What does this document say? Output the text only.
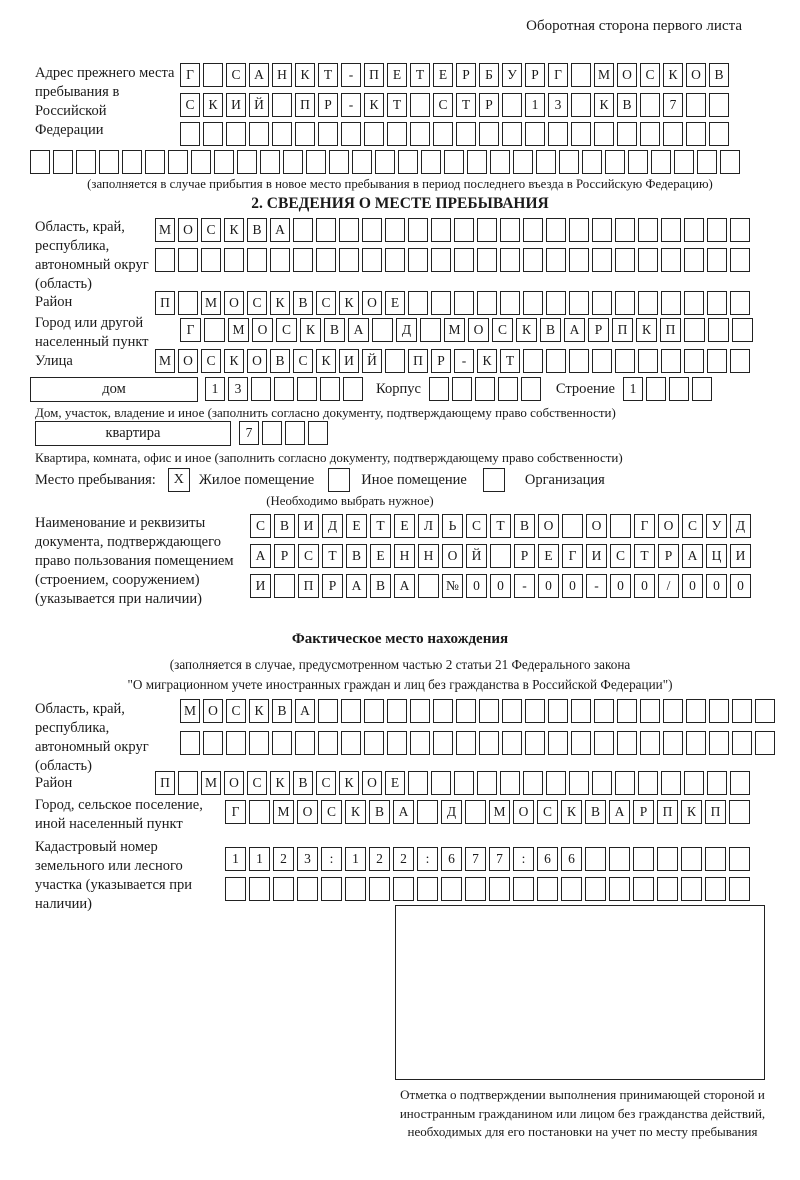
Оборотная сторона первого листа
Адрес прежнего места пребывания в Российской Федерации
Г	С	А Н	К	Т	-	П	Е	Т	Е	Р	Б	У	Р	Г	М О	С	К	О	В
С	К	И Й	П	Р	-	К	Т	С	Т	Р	1	3	К	В	7
(заполняется в случае прибытия в новое место пребывания в период последнего въезда в Российскую Федерацию)
2. СВЕДЕНИЯ О МЕСТЕ ПРЕБЫВАНИЯ
Область, край, республика, автономный округ (область)
М О	С	К	В	А
Район	П	М О	С	К	В	С	К	О	Е
Город или другой населенный пункт
Г	М О	С	К	В	А	Д	М О	С	К	В	А	Р	П	К	П
Улица	М О	С	К	О	В	С	К	И Й	П	Р	-	К	Т
дом	1	3	Корпус	Строение	1
Дом, участок, владение и иное (заполнить согласно документу, подтверждающему право собственности)
квартира	7
Квартира, комната, офис и иное (заполнить согласно документу, подтверждающему право собственности)
Место пребывания:	X	Жилое помещение	Иное помещение	Организация
(Необходимо выбрать нужное)
Наименование и реквизиты документа, подтверждающего право пользования помещением (строением, сооружением) (указывается при наличии)
С	В	И	Д	Е	Т	Е	Л	Ь	С	Т	В	О	О	Г	О	С	У	Д
А	Р	С	Т	В	Е	Н	Н	О	Й	Р	Е	Г	И	С	Т	Р	А	Ц	И
И	П	Р	А	В	А	№	0	0	-	0	0	-	0	0	/	0	0	0
Фактическое место нахождения
(заполняется в случае, предусмотренном частью 2 статьи 21 Федерального закона
"О миграционном учете иностранных граждан и лиц без гражданства в Российской Федерации")
Область, край, республика, автономный округ (область)
М О	С	К	В	А
Район	П	М О	С	К	В	С	К	О	Е
Город, сельское поселение, иной населенный пункт
Г	М О	С	К	В	А	Д	М О	С	К	В	А	Р	П	К	П
Кадастровый номер земельного или лесного участка (указывается при наличии)
1	1	2	3	:	1	2	2	:	6	7	7	:	6	6
Отметка о подтверждении выполнения принимающей стороной и иностранным гражданином или лицом без гражданства действий, необходимых для его постановки на учет по месту пребывания
